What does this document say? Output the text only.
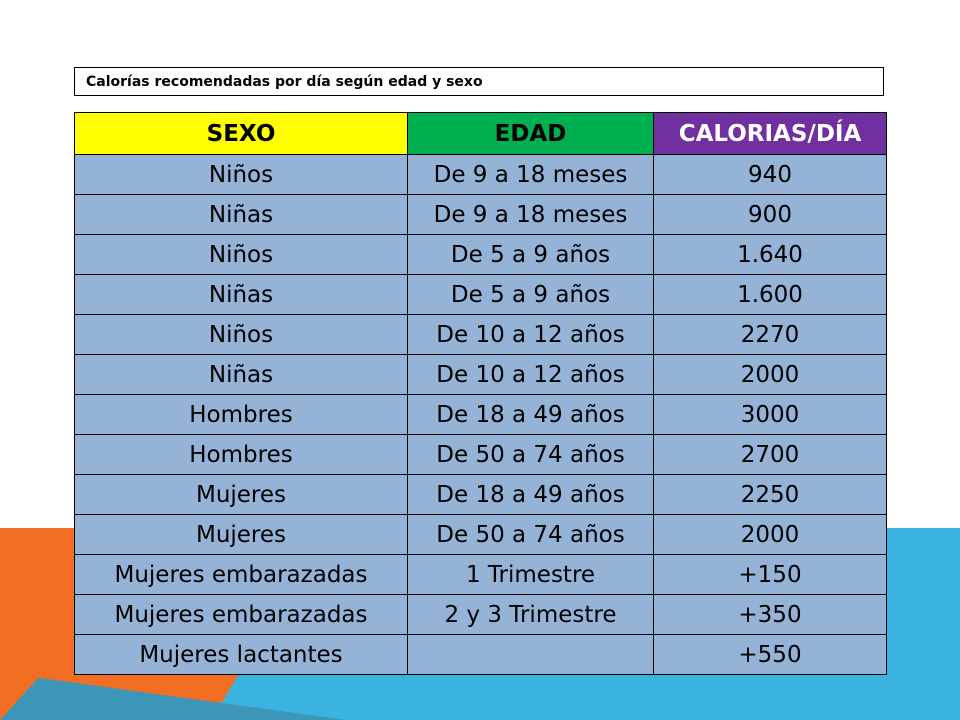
Calorías recomendadas por día según edad y sexo
SEXO	EDAD	CALORIAS/DÍA
Niños	De 9 a 18 meses	940
Niñas	De 9 a 18 meses	900
Niños	De 5 a 9 años	1.640
Niñas	De 5 a 9 años	1.600
Niños	De 10 a 12 años	2270
Niñas	De 10 a 12 años	2000
Hombres	De 18 a 49 años	3000
Hombres	De 50 a 74 años	2700
Mujeres	De 18 a 49 años	2250
Mujeres	De 50 a 74 años	2000
Mujeres embarazadas	1 Trimestre	+150
Mujeres embarazadas	2 y 3 Trimestre	+350
Mujeres lactantes		+550
